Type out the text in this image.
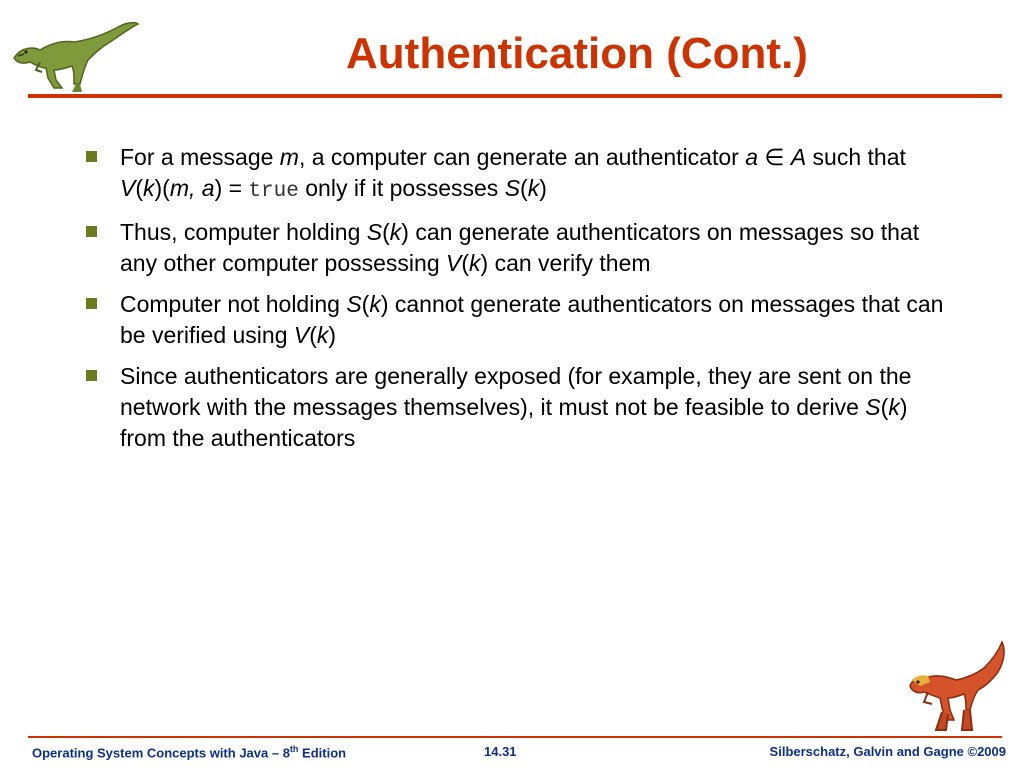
Authentication (Cont.)
For a message m, a computer can generate an authenticator a ∈ A such that V(k)(m, a) = true only if it possesses S(k)
Thus, computer holding S(k) can generate authenticators on messages so that any other computer possessing V(k) can verify them
Computer not holding S(k) cannot generate authenticators on messages that can be verified using V(k)
Since authenticators are generally exposed (for example, they are sent on the network with the messages themselves), it must not be feasible to derive S(k) from the authenticators
Operating System Concepts with Java – 8th Edition	14.31	Silberschatz, Galvin and Gagne ©2009
